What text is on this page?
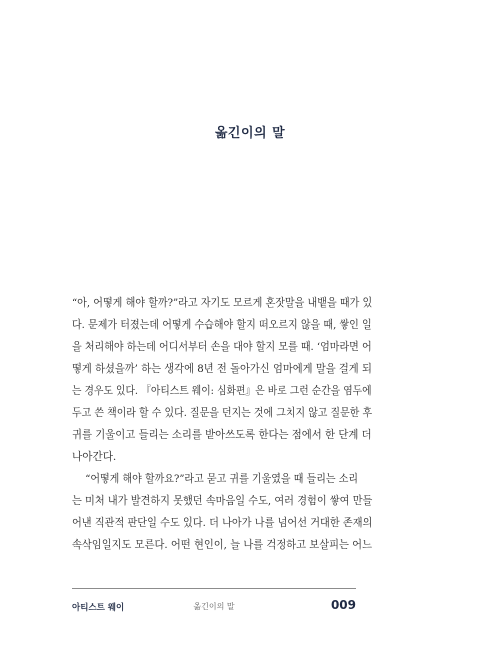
옮긴이의 말
“아, 어떻게 해야 할까?”라고 자기도 모르게 혼잣말을 내뱉을 때가 있
다. 문제가 터졌는데 어떻게 수습해야 할지 떠오르지 않을 때, 쌓인 일
을 처리해야 하는데 어디서부터 손을 대야 할지 모를 때. ‘엄마라면 어
떻게 하셨을까’ 하는 생각에 8년 전 돌아가신 엄마에게 말을 걸게 되
는 경우도 있다. 『아티스트 웨이: 심화편』은 바로 그런 순간을 염두에
두고 쓴 책이라 할 수 있다. 질문을 던지는 것에 그치지 않고 질문한 후
귀를 기울이고 들리는 소리를 받아쓰도록 한다는 점에서 한 단계 더
나아간다.
“어떻게 해야 할까요?”라고 묻고 귀를 기울였을 때 들리는 소리
는 미처 내가 발견하지 못했던 속마음일 수도, 여러 경험이 쌓여 만들
어낸 직관적 판단일 수도 있다. 더 나아가 나를 넘어선 거대한 존재의
속삭임일지도 모른다. 어떤 현인이, 늘 나를 걱정하고 보살피는 어느
아티스트 웨이	옮긴이의 말	009
